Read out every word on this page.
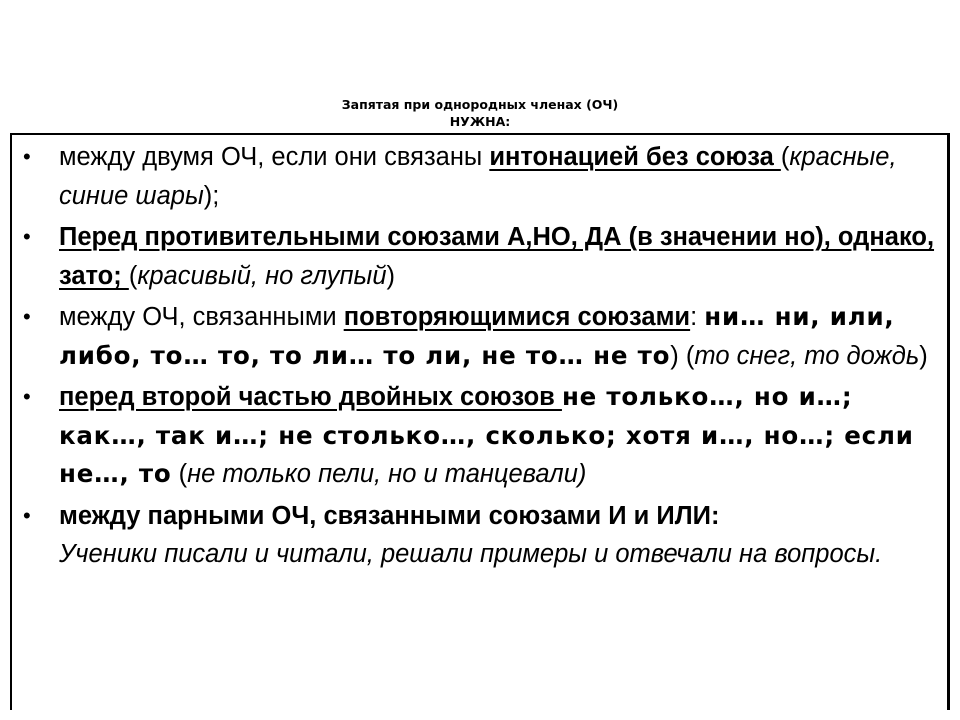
Запятая при однородных членах (ОЧ)
НУЖНА:
• между двумя ОЧ, если они связаны интонацией без союза (красные, синие шары);
• Перед противительными союзами А,НО, ДА (в значении но), однако, зато; (красивый, но глупый)
• между ОЧ, связанными повторяющимися союзами: ни… ни, или, либо, то… то, то ли… то ли, не то… не то) (то снег, то дождь)
• перед второй частью двойных союзов не только…, но и…; как…, так и…; не столько…, сколько; хотя и…, но…; если не…, то (не только пели, но и танцевали)
• между парными ОЧ, связанными союзами И и ИЛИ:
Ученики писали и читали, решали примеры и отвечали на вопросы.
